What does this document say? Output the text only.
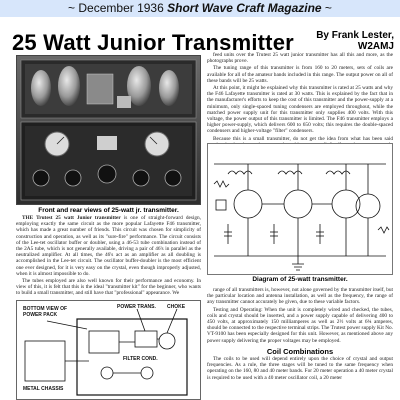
~ December 1936 Short Wave Craft Magazine ~
25 Watt Junior Transmitter	By Frank Lester,
W2AMJ
Front and rear views of 25-watt jr. transmitter.

feed units over the Trutest 25 watt junior transmitter has all this and more, as the photographs prove.

The tuning range of this transmitter is from 160 to 20 meters, sets of coils are available for all of the amateur bands included in this range. The output power on all of these bands will be 25 watts.

At this point, it might be explained why this transmitter is rated at 25 watts and why the F46 Lafayette transmitter is rated at 30 watts. This is explained by the fact that in the manufacturer's efforts to keep the cost of this transmitter and the power-supply at a minimum, only single-spaced tuning condensers are employed throughout, while the matched power supply unit for this transmitter only supplies 400 volts. With this voltage, the power output of this transmitter is limited. The F46 transmitter employs a higher power-supply, which delivers 600 to 650 volts; this requires the double-spaced condensers and higher-voltage "filter" condensers.

Because this is a small transmitter, do not get the idea from what has been said

Diagram of 25-watt transmitter.

THE Trutest 25 watt Junior transmitter is one of straight-forward design, employing exactly the same circuit as the more popular Lafayette F46 transmitter, which has made a great number of friends. This circuit was chosen for simplicity of construction and operation, as well as its "sure-fire" performance. The circuit consists of the Lee-tet oscillator buffer or doubler, using a 46-53 tube combination instead of the 2A5 tube, which is not generally available, driving a pair of 46's in parallel as the neutralized amplifier. At all times, the 46's act as an amplifier as all doubling is accomplished in the Lee-tet circuit. The oscillator buffer-doubler is the most efficient one ever designed, for it is very easy on the crystal, even though improperly adjusted, when it is almost impossible to do.

The tubes employed are also well known for their performance and economy. In view of this, it is felt that this is the ideal "transmitter kit" for the beginner, who wants to build a small transmitter, and still have that "professional" appearance. We

range of all transmitters is, however, not alone governed by the transmitter itself, but the particular location and antenna installation, as well as the frequency, the range of any transmitter cannot accurately be given, due to these variable factors.

Testing and Operating: When the unit is completely wired and checked, the tubes, coils and crystal should be inserted, and a power supply capable of delivering 400 to 450 volts, at approximately 150 milliamperes as well as 2½ volts at 6¾ amperes, should be connected to the respective terminal strips. The Trutest power supply Kit No. VT-9100 has been especially designed for this unit. However, as mentioned above any power supply delivering the proper voltages may be employed.

Coil Combinations

The coils to be used will depend entirely upon the choice of crystal and output frequencies. As a rule, the three stages will be tuned to the same frequency when operating on the 160, 80 and 40 meter bands. For 20 meter operation a 40 meter crystal is required to be used with a 40 meter oscillator coil, a 20 meter

BOTTOM VIEW OF POWER PACK
METAL CHASSIS
POWER TRANS. CHOKE
FILTER COND.
